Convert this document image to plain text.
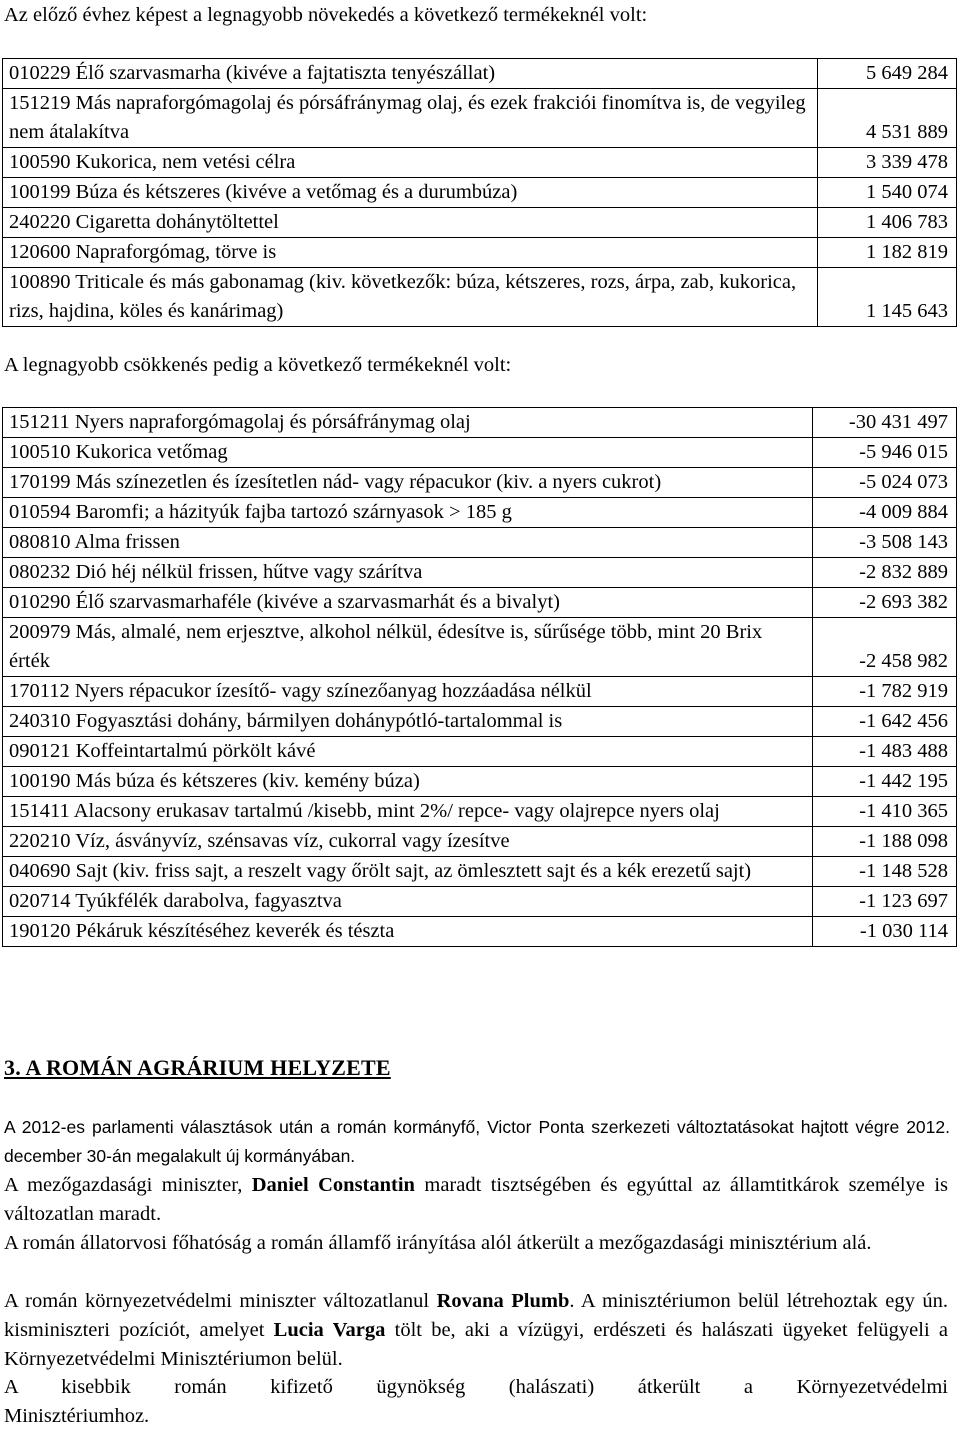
Az előző évhez képest a legnagyobb növekedés a következő termékeknél volt:
010229 Élő szarvasmarha (kivéve a fajtatiszta tenyészállat)	5 649 284
151219 Más napraforgómagolaj és pórsáfránymag olaj, és ezek frakciói finomítva is, de vegyileg nem átalakítva	4 531 889
100590 Kukorica, nem vetési célra	3 339 478
100199 Búza és kétszeres (kivéve a vetőmag és a durumbúza)	1 540 074
240220 Cigaretta dohánytöltettel	1 406 783
120600 Napraforgómag, törve is	1 182 819
100890 Triticale és más gabonamag (kiv. következők: búza, kétszeres, rozs, árpa, zab, kukorica, rizs, hajdina, köles és kanárimag)	1 145 643
A legnagyobb csökkenés pedig a következő termékeknél volt:
151211 Nyers napraforgómagolaj és pórsáfránymag olaj	-30 431 497
100510 Kukorica vetőmag	-5 946 015
170199 Más színezetlen és ízesítetlen nád- vagy répacukor (kiv. a nyers cukrot)	-5 024 073
010594 Baromfi; a házityúk fajba tartozó szárnyasok > 185 g	-4 009 884
080810 Alma frissen	-3 508 143
080232 Dió héj nélkül frissen, hűtve vagy szárítva	-2 832 889
010290 Élő szarvasmarhaféle (kivéve a szarvasmarhát és a bivalyt)	-2 693 382
200979 Más, almalé, nem erjesztve, alkohol nélkül, édesítve is, sűrűsége több, mint 20 Brix érték	-2 458 982
170112 Nyers répacukor ízesítő- vagy színezőanyag hozzáadása nélkül	-1 782 919
240310 Fogyasztási dohány, bármilyen dohánypótló-tartalommal is	-1 642 456
090121 Koffeintartalmú pörkölt kávé	-1 483 488
100190 Más búza és kétszeres (kiv. kemény búza)	-1 442 195
151411 Alacsony erukasav tartalmú /kisebb, mint 2%/ repce- vagy olajrepce nyers olaj	-1 410 365
220210 Víz, ásványvíz, szénsavas víz, cukorral vagy ízesítve	-1 188 098
040690 Sajt (kiv. friss sajt, a reszelt vagy őrölt sajt, az ömlesztett sajt és a kék erezetű sajt)	-1 148 528
020714 Tyúkfélék darabolva, fagyasztva	-1 123 697
190120 Pékáruk készítéséhez keverék és tészta	-1 030 114
3. A ROMÁN AGRÁRIUM HELYZETE
A 2012-es parlamenti választások után a román kormányfő, Victor Ponta szerkezeti változtatásokat hajtott végre 2012. december 30-án megalakult új kormányában.
A mezőgazdasági miniszter, Daniel Constantin maradt tisztségében és egyúttal az államtitkárok személye is változatlan maradt.
A román állatorvosi főhatóság a román államfő irányítása alól átkerült a mezőgazdasági minisztérium alá.
A román környezetvédelmi miniszter változatlanul Rovana Plumb. A minisztériumon belül létrehoztak egy ún. kisminiszteri pozíciót, amelyet Lucia Varga tölt be, aki a vízügyi, erdészeti és halászati ügyeket felügyeli a Környezetvédelmi Minisztériumon belül.
A kisebbik román kifizető ügynökség (halászati) átkerült a Környezetvédelmi
Minisztériumhoz.
